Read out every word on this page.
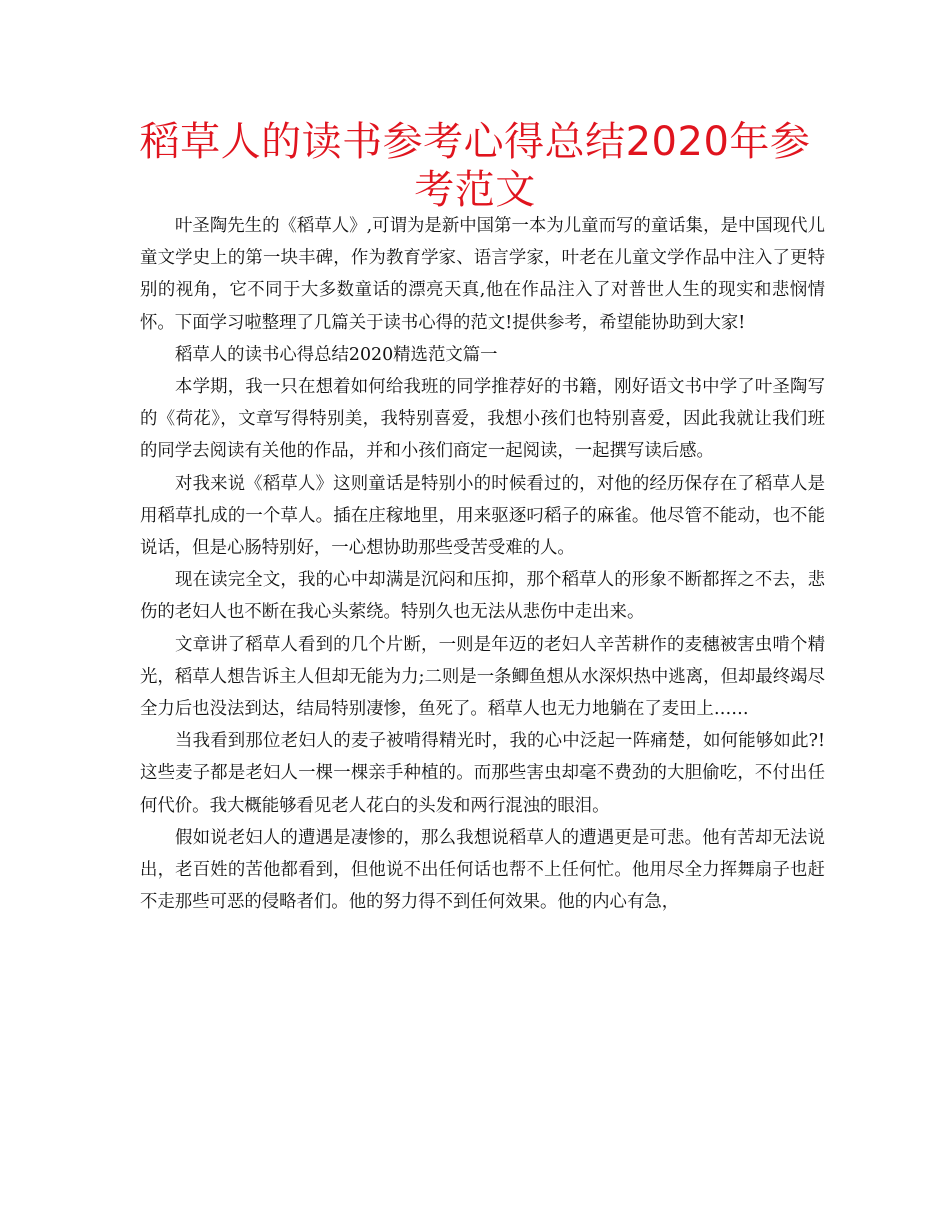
稻草人的读书参考心得总结2020年参考范文

叶圣陶先生的《稻草人》,可谓为是新中国第一本为儿童而写的童话集，是中国现代儿童文学史上的第一块丰碑，作为教育学家、语言学家，叶老在儿童文学作品中注入了更特别的视角，它不同于大多数童话的漂亮天真,他在作品注入了对普世人生的现实和悲悯情怀。下面学习啦整理了几篇关于读书心得的范文!提供参考，希望能协助到大家!

稻草人的读书心得总结2020精选范文篇一

本学期，我一只在想着如何给我班的同学推荐好的书籍，刚好语文书中学了叶圣陶写的《荷花》，文章写得特别美，我特别喜爱，我想小孩们也特别喜爱，因此我就让我们班的同学去阅读有关他的作品，并和小孩们商定一起阅读，一起撰写读后感。

对我来说《稻草人》这则童话是特别小的时候看过的，对他的经历保存在了稻草人是用稻草扎成的一个草人。插在庄稼地里，用来驱逐叼稻子的麻雀。他尽管不能动，也不能说话，但是心肠特别好，一心想协助那些受苦受难的人。

现在读完全文，我的心中却满是沉闷和压抑，那个稻草人的形象不断都挥之不去，悲伤的老妇人也不断在我心头萦绕。特别久也无法从悲伤中走出来。

文章讲了稻草人看到的几个片断，一则是年迈的老妇人辛苦耕作的麦穗被害虫啃个精光，稻草人想告诉主人但却无能为力;二则是一条鲫鱼想从水深炽热中逃离，但却最终竭尽全力后也没法到达，结局特别凄惨，鱼死了。稻草人也无力地躺在了麦田上……

当我看到那位老妇人的麦子被啃得精光时，我的心中泛起一阵痛楚，如何能够如此?!这些麦子都是老妇人一棵一棵亲手种植的。而那些害虫却毫不费劲的大胆偷吃，不付出任何代价。我大概能够看见老人花白的头发和两行混浊的眼泪。

假如说老妇人的遭遇是凄惨的，那么我想说稻草人的遭遇更是可悲。他有苦却无法说出，老百姓的苦他都看到，但他说不出任何话也帮不上任何忙。他用尽全力挥舞扇子也赶不走那些可恶的侵略者们。他的努力得不到任何效果。他的内心有急，
